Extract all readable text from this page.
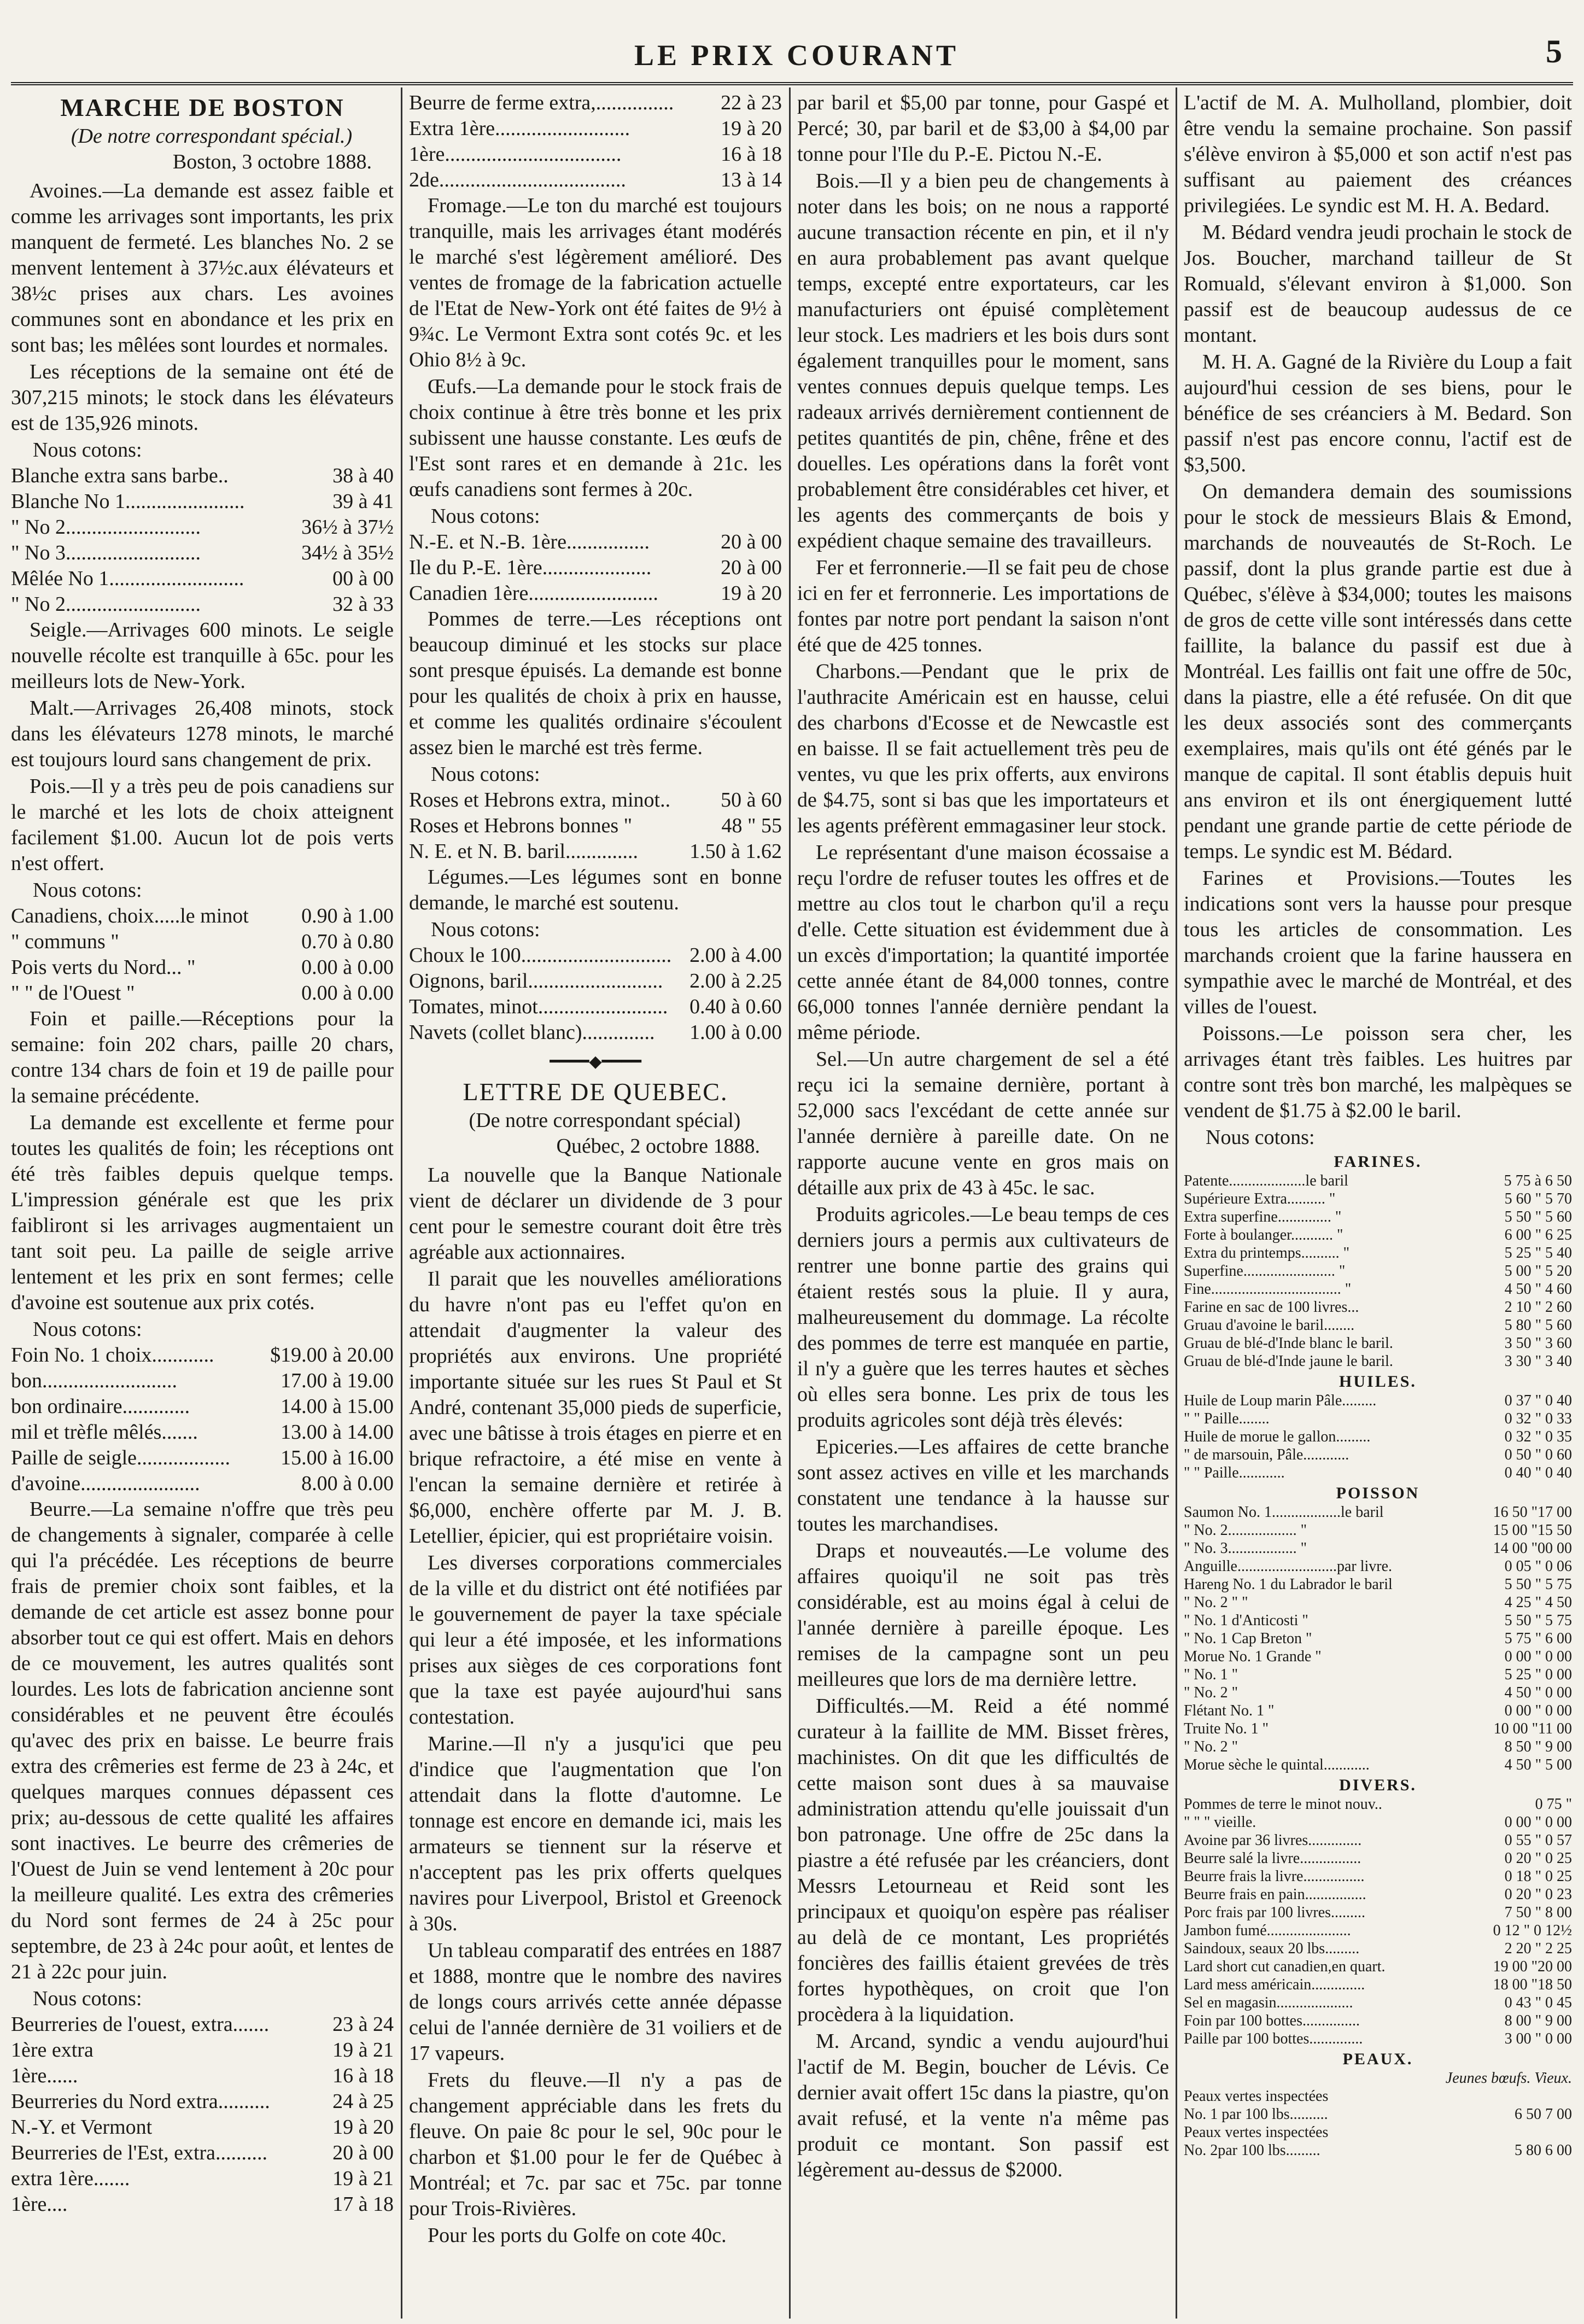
LE PRIX COURANT	5
MARCHE DE BOSTON

(De notre correspondant spécial.)

Boston, 3 octobre 1888.

Avoines.—La demande est assez faible et comme les arrivages sont importants, les prix manquent de fermeté. Les blanches No. 2 se menvent lentement à 37½c.aux élévateurs et 38½c prises aux chars. Les avoines communes sont en abondance et les prix en sont bas; les mêlées sont lourdes et normales.

Les réceptions de la semaine ont été de 307,215 minots; le stock dans les élévateurs est de 135,926 minots.

Nous cotons:

Blanche extra sans barbe..	38 à 40
Blanche No 1.......................	39 à 41
" No 2..........................	36½ à 37½
" No 3..........................	34½ à 35½
Mêlée No 1..........................	00 à 00
" No 2..........................	32 à 33

Seigle.—Arrivages 600 minots. Le seigle nouvelle récolte est tranquille à 65c. pour les meilleurs lots de New-York.

Malt.—Arrivages 26,408 minots, stock dans les élévateurs 1278 minots, le marché est toujours lourd sans changement de prix.

Pois.—Il y a très peu de pois canadiens sur le marché et les lots de choix atteignent facilement $1.00. Aucun lot de pois verts n'est offert.

Nous cotons:

Canadiens, choix.....le minot	0.90 à 1.00
" communs "	0.70 à 0.80
Pois verts du Nord... "	0.00 à 0.00
" " de l'Ouest "	0.00 à 0.00

Foin et paille.—Réceptions pour la semaine: foin 202 chars, paille 20 chars, contre 134 chars de foin et 19 de paille pour la semaine précédente.

La demande est excellente et ferme pour toutes les qualités de foin; les réceptions ont été très faibles depuis quelque temps. L'impression générale est que les prix faibliront si les arrivages augmentaient un tant soit peu. La paille de seigle arrive lentement et les prix en sont fermes; celle d'avoine est soutenue aux prix cotés.

Nous cotons:

Foin No. 1 choix............	$19.00 à 20.00
bon..........................	17.00 à 19.00
bon ordinaire.............	14.00 à 15.00
mil et trèfle mêlés.......	13.00 à 14.00
Paille de seigle..................	15.00 à 16.00
d'avoine.......................	8.00 à 0.00

Beurre.—La semaine n'offre que très peu de changements à signaler, comparée à celle qui l'a précédée. Les réceptions de beurre frais de premier choix sont faibles, et la demande de cet article est assez bonne pour absorber tout ce qui est offert. Mais en dehors de ce mouvement, les autres qualités sont lourdes. Les lots de fabrication ancienne sont considérables et ne peuvent être écoulés qu'avec des prix en baisse. Le beurre frais extra des crêmeries est ferme de 23 à 24c, et quelques marques connues dépassent ces prix; au-dessous de cette qualité les affaires sont inactives. Le beurre des crêmeries de l'Ouest de Juin se vend lentement à 20c pour la meilleure qualité. Les extra des crêmeries du Nord sont fermes de 24 à 25c pour septembre, de 23 à 24c pour août, et lentes de 21 à 22c pour juin.

Nous cotons:

Beurreries de l'ouest, extra.......	23 à 24
1ère extra	19 à 21
1ère......	16 à 18
Beurreries du Nord extra..........	24 à 25
N.-Y. et Vermont	19 à 20
Beurreries de l'Est, extra..........	20 à 00
extra 1ère.......	19 à 21
1ère....	17 à 18
Beurre de ferme extra,...............	22 à 23
Extra 1ère..........................	19 à 20
1ère..................................	16 à 18
2de....................................	13 à 14

Fromage.—Le ton du marché est toujours tranquille, mais les arrivages étant modérés le marché s'est légèrement amélioré. Des ventes de fromage de la fabrication actuelle de l'Etat de New-York ont été faites de 9½ à 9¾c. Le Vermont Extra sont cotés 9c. et les Ohio 8½ à 9c.

Œufs.—La demande pour le stock frais de choix continue à être très bonne et les prix subissent une hausse constante. Les œufs de l'Est sont rares et en demande à 21c. les œufs canadiens sont fermes à 20c.

Nous cotons:

N.-E. et N.-B. 1ère................	20 à 00
Ile du P.-E. 1ère.....................	20 à 00
Canadien 1ère.........................	19 à 20

Pommes de terre.—Les réceptions ont beaucoup diminué et les stocks sur place sont presque épuisés. La demande est bonne pour les qualités de choix à prix en hausse, et comme les qualités ordinaire s'écoulent assez bien le marché est très ferme.

Nous cotons:

Roses et Hebrons extra, minot..	50 à 60
Roses et Hebrons bonnes "	48 " 55
N. E. et N. B. baril..............	1.50 à 1.62

Légumes.—Les légumes sont en bonne demande, le marché est soutenu.

Nous cotons:

Choux le 100............................. 2.00 à 4.00
Oignons, baril..........................	2.00 à 2.25
Tomates, minot.........................	0.40 à 0.60
Navets (collet blanc)..............	1.00 à 0.00
━━━━◆━━━━
LETTRE DE QUEBEC.

(De notre correspondant spécial)

Québec, 2 octobre 1888.

La nouvelle que la Banque Nationale vient de déclarer un dividende de 3 pour cent pour le semestre courant doit être très agréable aux actionnaires.

Il parait que les nouvelles améliorations du havre n'ont pas eu l'effet qu'on en attendait d'augmenter la valeur des propriétés aux environs. Une propriété importante située sur les rues St Paul et St André, contenant 35,000 pieds de superficie, avec une bâtisse à trois étages en pierre et en brique refractoire, a été mise en vente à l'encan la semaine dernière et retirée à $6,000, enchère offerte par M. J. B. Letellier, épicier, qui est propriétaire voisin.

Les diverses corporations commerciales de la ville et du district ont été notifiées par le gouvernement de payer la taxe spéciale qui leur a été imposée, et les informations prises aux sièges de ces corporations font que la taxe est payée aujourd'hui sans contestation.

Marine.—Il n'y a jusqu'ici que peu d'indice que l'augmentation que l'on attendait dans la flotte d'automne. Le tonnage est encore en demande ici, mais les armateurs se tiennent sur la réserve et n'acceptent pas les prix offerts quelques navires pour Liverpool, Bristol et Greenock à 30s.

Un tableau comparatif des entrées en 1887 et 1888, montre que le nombre des navires de longs cours arrivés cette année dépasse celui de l'année dernière de 31 voiliers et de 17 vapeurs.

Frets du fleuve.—Il n'y a pas de changement appréciable dans les frets du fleuve. On paie 8c pour le sel, 90c pour le charbon et $1.00 pour le fer de Québec à Montréal; et 7c. par sac et 75c. par tonne pour Trois-Rivières.

Pour les ports du Golfe on cote 40c.

par baril et $5,00 par tonne, pour Gaspé et Percé; 30, par baril et de $3,00 à $4,00 par tonne pour l'Ile du P.-E. Pictou N.-E.

Bois.—Il y a bien peu de changements à noter dans les bois; on ne nous a rapporté aucune transaction récente en pin, et il n'y en aura probablement pas avant quelque temps, excepté entre exportateurs, car les manufacturiers ont épuisé complètement leur stock. Les madriers et les bois durs sont également tranquilles pour le moment, sans ventes connues depuis quelque temps. Les radeaux arrivés dernièrement contiennent de petites quantités de pin, chêne, frêne et des douelles. Les opérations dans la forêt vont probablement être considérables cet hiver, et les agents des commerçants de bois y expédient chaque semaine des travailleurs.

Fer et ferronnerie.—Il se fait peu de chose ici en fer et ferronnerie. Les importations de fontes par notre port pendant la saison n'ont été que de 425 tonnes.

Charbons.—Pendant que le prix de l'authracite Américain est en hausse, celui des charbons d'Ecosse et de Newcastle est en baisse. Il se fait actuellement très peu de ventes, vu que les prix offerts, aux environs de $4.75, sont si bas que les importateurs et les agents préfèrent emmagasiner leur stock.

Le représentant d'une maison écossaise a reçu l'ordre de refuser toutes les offres et de mettre au clos tout le charbon qu'il a reçu d'elle. Cette situation est évidemment due à un excès d'importation; la quantité importée cette année étant de 84,000 tonnes, contre 66,000 tonnes l'année dernière pendant la même période.

Sel.—Un autre chargement de sel a été reçu ici la semaine dernière, portant à 52,000 sacs l'excédant de cette année sur l'année dernière à pareille date. On ne rapporte aucune vente en gros mais on détaille aux prix de 43 à 45c. le sac.

Produits agricoles.—Le beau temps de ces derniers jours a permis aux cultivateurs de rentrer une bonne partie des grains qui étaient restés sous la pluie. Il y aura, malheureusement du dommage. La récolte des pommes de terre est manquée en partie, il n'y a guère que les terres hautes et sèches où elles sera bonne. Les prix de tous les produits agricoles sont déjà très élevés:

Epiceries.—Les affaires de cette branche sont assez actives en ville et les marchands constatent une tendance à la hausse sur toutes les marchandises.

Draps et nouveautés.—Le volume des affaires quoiqu'il ne soit pas très considérable, est au moins égal à celui de l'année dernière à pareille époque. Les remises de la campagne sont un peu meilleures que lors de ma dernière lettre.

Difficultés.—M. Reid a été nommé curateur à la faillite de MM. Bisset frères, machinistes. On dit que les difficultés de cette maison sont dues à sa mauvaise administration attendu qu'elle jouissait d'un bon patronage. Une offre de 25c dans la piastre a été refusée par les créanciers, dont Messrs Letourneau et Reid sont les principaux et quoiqu'on espère pas réaliser au delà de ce montant, Les propriétés foncières des faillis étaient grevées de très fortes hypothèques, on croit que l'on procèdera à la liquidation.

M. Arcand, syndic a vendu aujourd'hui l'actif de M. Begin, boucher de Lévis. Ce dernier avait offert 15c dans la piastre, qu'on avait refusé, et la vente n'a même pas produit ce montant. Son passif est légèrement au-dessus de $2000.

L'actif de M. A. Mulholland, plombier, doit être vendu la semaine prochaine. Son passif s'élève environ à $5,000 et son actif n'est pas suffisant au paiement des créances privilegiées. Le syndic est M. H. A. Bedard.

M. Bédard vendra jeudi prochain le stock de Jos. Boucher, marchand tailleur de St Romuald, s'élevant environ à $1,000. Son passif est de beaucoup audessus de ce montant.

M. H. A. Gagné de la Rivière du Loup a fait aujourd'hui cession de ses biens, pour le bénéfice de ses créanciers à M. Bedard. Son passif n'est pas encore connu, l'actif est de $3,500.

On demandera demain des soumissions pour le stock de messieurs Blais & Emond, marchands de nouveautés de St-Roch. Le passif, dont la plus grande partie est due à Québec, s'élève à $34,000; toutes les maisons de gros de cette ville sont intéressés dans cette faillite, la balance du passif est due à Montréal. Les faillis ont fait une offre de 50c, dans la piastre, elle a été refusée. On dit que les deux associés sont des commerçants exemplaires, mais qu'ils ont été génés par le manque de capital. Il sont établis depuis huit ans environ et ils ont énergiquement lutté pendant une grande partie de cette période de temps. Le syndic est M. Bédard.

Farines et Provisions.—Toutes les indications sont vers la hausse pour presque tous les articles de consommation. Les marchands croient que la farine haussera en sympathie avec le marché de Montréal, et des villes de l'ouest.

Poissons.—Le poisson sera cher, les arrivages étant très faibles. Les huitres par contre sont très bon marché, les malpèques se vendent de $1.75 à $2.00 le baril.

Nous cotons:

FARINES.
Patente....................le baril	5 75 à 6 50
Supérieure Extra.......... "	5 60 " 5 70
Extra superfine.............. "	5 50 " 5 60
Forte à boulanger........... "	6 00 " 6 25
Extra du printemps.......... "	5 25 " 5 40
Superfine........................ "	5 00 " 5 20
Fine.................................. "	4 50 " 4 60
Farine en sac de 100 livres...	2 10 " 2 60
Gruau d'avoine le baril........	5 80 " 5 60
Gruau de blé-d'Inde blanc le baril.	3 50 " 3 60
Gruau de blé-d'Inde jaune le baril.	3 30 " 3 40
HUILES.
Huile de Loup marin Pâle.........	0 37 " 0 40
" " Paille........	0 32 " 0 33
Huile de morue le gallon.........	0 32 " 0 35
" de marsouin, Pâle............	0 50 " 0 60
" " Paille............	0 40 " 0 40
POISSON
Saumon No. 1..................le baril	16 50 "17 00
" No. 2.................. "	15 00 "15 50
" No. 3.................. "	14 00 "00 00
Anguille..........................par livre.	0 05 " 0 06
Hareng No. 1 du Labrador le baril	5 50 " 5 75
" No. 2 " "	4 25 " 4 50
" No. 1 d'Anticosti "	5 50 " 5 75
" No. 1 Cap Breton "	5 75 " 6 00
Morue No. 1 Grande "	0 00 " 0 00
" No. 1 "	5 25 " 0 00
" No. 2 "	4 50 " 0 00
Flétant No. 1 "	0 00 " 0 00
Truite No. 1 "	10 00 "11 00
" No. 2 "	8 50 " 9 00
Morue sèche le quintal............	4 50 " 5 00
DIVERS.
Pommes de terre le minot nouv..	0 75 "
" " " vieille.	0 00 " 0 00
Avoine par 36 livres..............	0 55 " 0 57
Beurre salé la livre................	0 20 " 0 25
Beurre frais la livre................	0 18 " 0 25
Beurre frais en pain................	0 20 " 0 23
Porc frais par 100 livres.........	7 50 " 8 00
Jambon fumé......................	0 12 " 0 12½
Saindoux, seaux 20 lbs.........	2 20 " 2 25
Lard short cut canadien,en quart.	19 00 "20 00
Lard mess américain..............	18 00 "18 50
Sel en magasin....................	0 43 " 0 45
Foin par 100 bottes...............	8 00 " 9 00
Paille par 100 bottes..............	3 00 " 0 00
PEAUX.
Jeunes bœufs. Vieux.
Peaux vertes inspectées
No. 1 par 100 lbs..........	6 50 7 00
Peaux vertes inspectées
No. 2par 100 lbs.........	5 80 6 00
